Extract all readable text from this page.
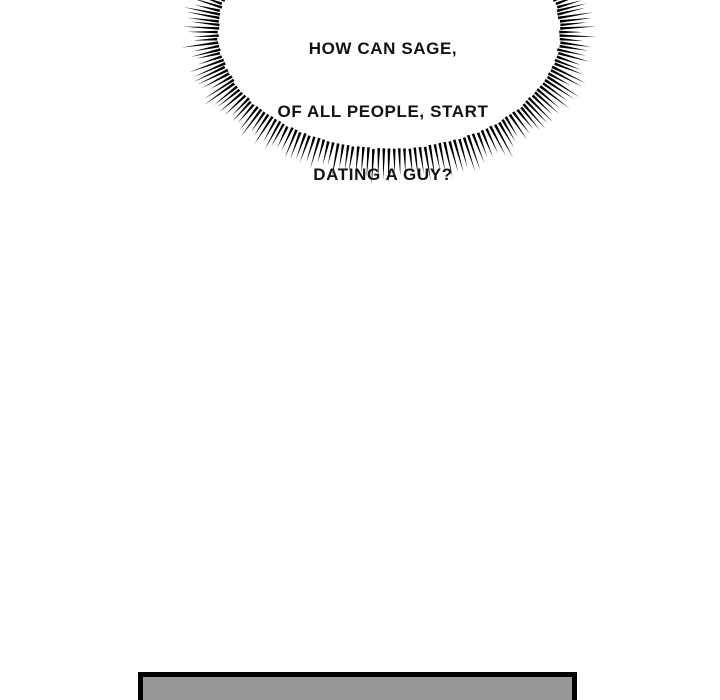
HOW CAN SAGE,

OF ALL PEOPLE, START

DATING A GUY?
